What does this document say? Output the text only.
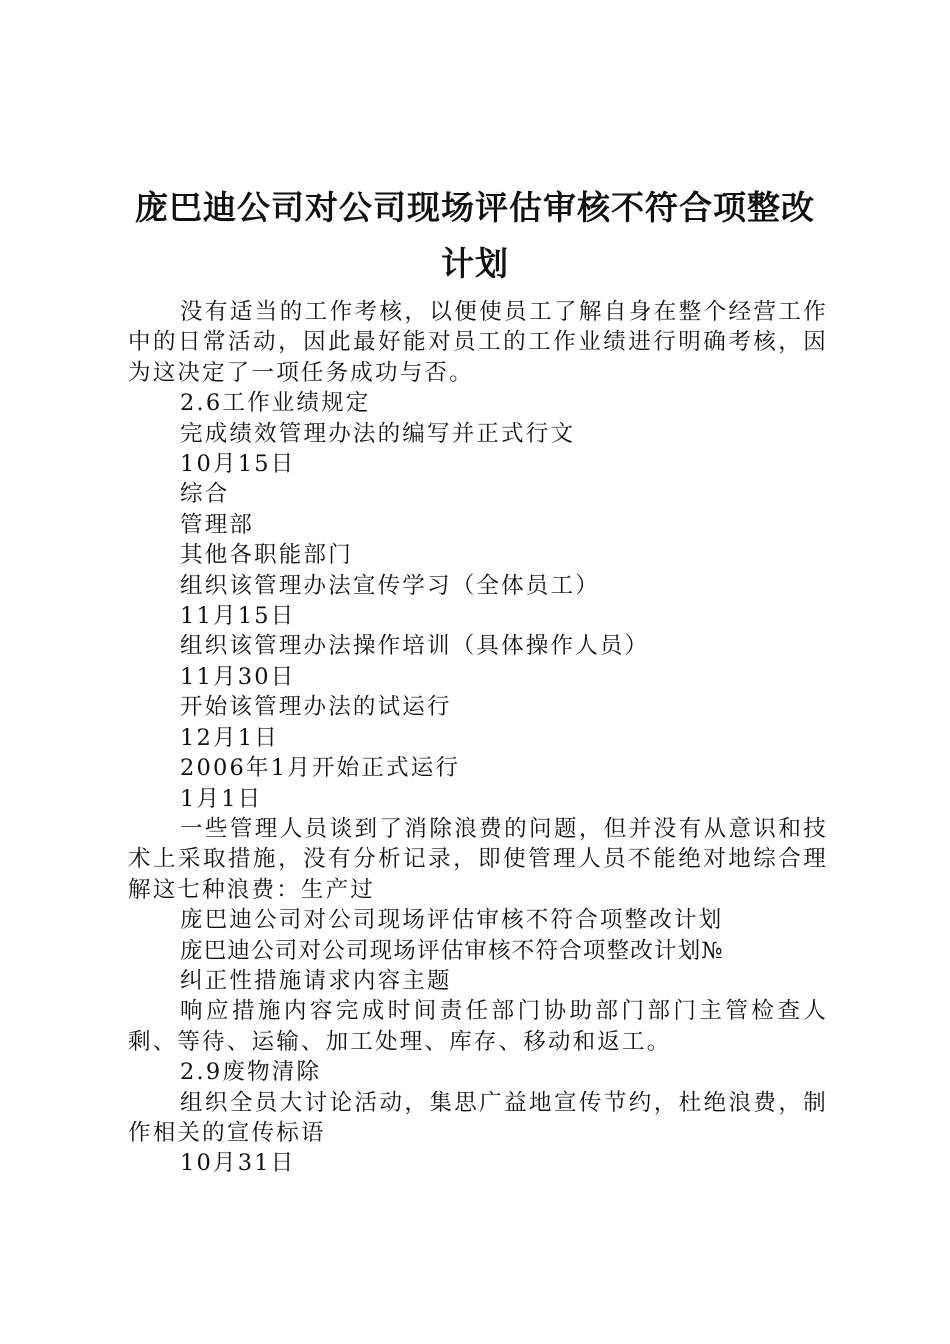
庞巴迪公司对公司现场评估审核不符合项整改
计划

没有适当的工作考核，以便使员工了解自身在整个经营工作中的日常活动，因此最好能对员工的工作业绩进行明确考核，因为这决定了一项任务成功与否。

2.6工作业绩规定

完成绩效管理办法的编写并正式行文

10月15日

综合

管理部

其他各职能部门

组织该管理办法宣传学习（全体员工）

11月15日

组织该管理办法操作培训（具体操作人员）

11月30日

开始该管理办法的试运行

12月1日

2006年1月开始正式运行

1月1日

一些管理人员谈到了消除浪费的问题，但并没有从意识和技术上采取措施，没有分析记录，即使管理人员不能绝对地综合理解这七种浪费：生产过

庞巴迪公司对公司现场评估审核不符合项整改计划

庞巴迪公司对公司现场评估审核不符合项整改计划№

纠正性措施请求内容主题

响应措施内容完成时间责任部门协助部门部门主管检查人剩、等待、运输、加工处理、库存、移动和返工。

2.9废物清除

组织全员大讨论活动，集思广益地宣传节约，杜绝浪费，制作相关的宣传标语

10月31日
